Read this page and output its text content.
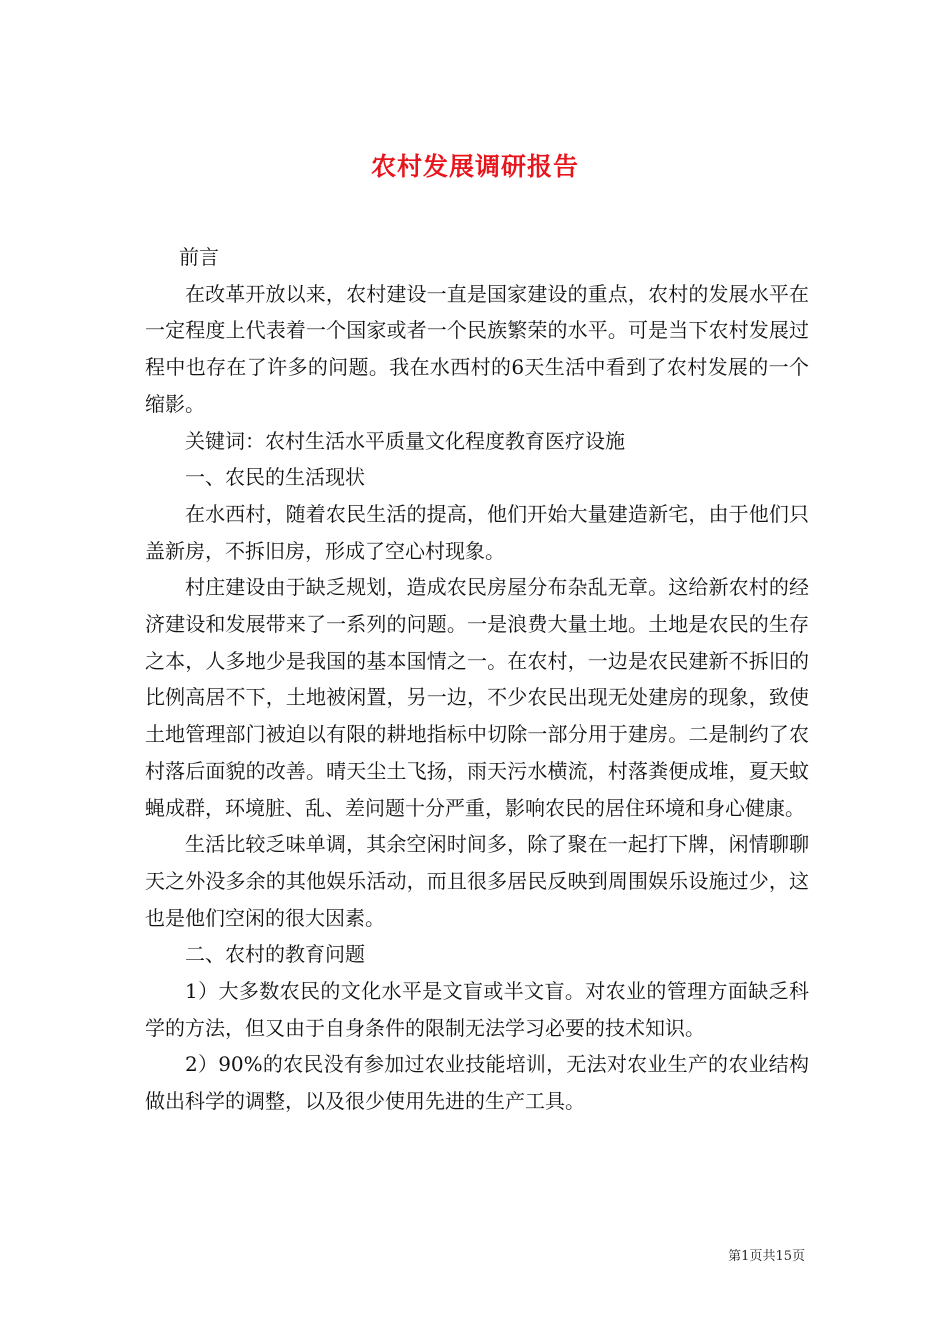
农村发展调研报告

前言

在改革开放以来，农村建设一直是国家建设的重点，农村的发展水平在一定程度上代表着一个国家或者一个民族繁荣的水平。可是当下农村发展过程中也存在了许多的问题。我在水西村的6天生活中看到了农村发展的一个缩影。

关键词：农村生活水平质量文化程度教育医疗设施

一、农民的生活现状

在水西村，随着农民生活的提高，他们开始大量建造新宅，由于他们只盖新房，不拆旧房，形成了空心村现象。

村庄建设由于缺乏规划，造成农民房屋分布杂乱无章。这给新农村的经济建设和发展带来了一系列的问题。一是浪费大量土地。土地是农民的生存之本，人多地少是我国的基本国情之一。在农村，一边是农民建新不拆旧的比例高居不下，土地被闲置，另一边，不少农民出现无处建房的现象，致使土地管理部门被迫以有限的耕地指标中切除一部分用于建房。二是制约了农村落后面貌的改善。晴天尘土飞扬，雨天污水横流，村落粪便成堆，夏天蚊蝇成群，环境脏、乱、差问题十分严重，影响农民的居住环境和身心健康。

生活比较乏味单调，其余空闲时间多，除了聚在一起打下牌，闲情聊聊天之外没多余的其他娱乐活动，而且很多居民反映到周围娱乐设施过少，这也是他们空闲的很大因素。

二、农村的教育问题

1）大多数农民的文化水平是文盲或半文盲。对农业的管理方面缺乏科学的方法，但又由于自身条件的限制无法学习必要的技术知识。

2）90%的农民没有参加过农业技能培训，无法对农业生产的农业结构做出科学的调整，以及很少使用先进的生产工具。

第1页共15页
